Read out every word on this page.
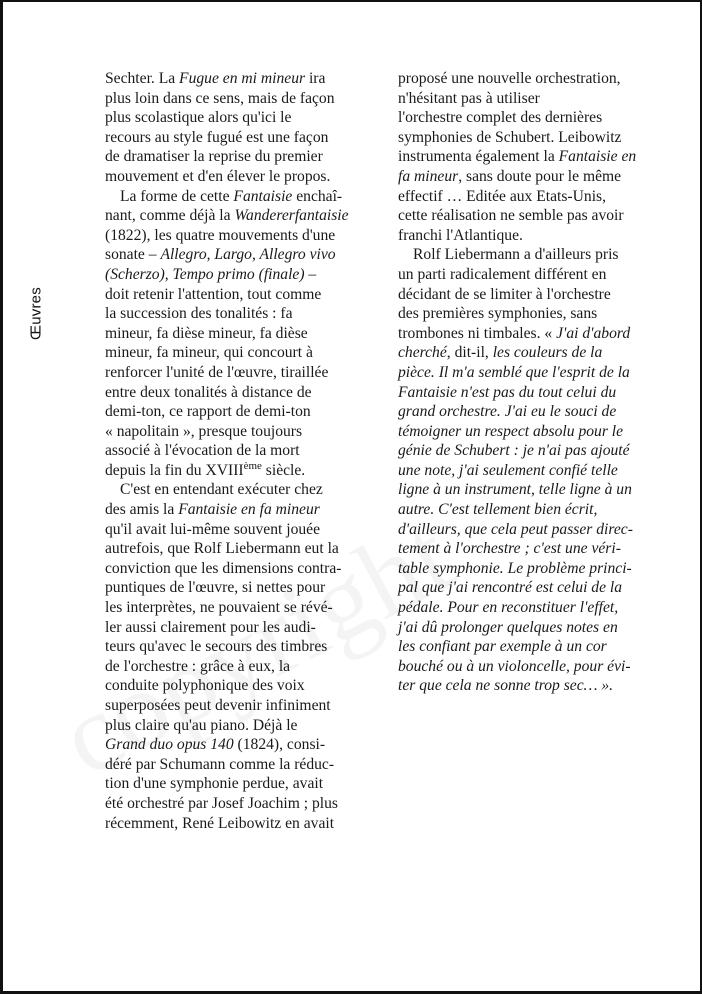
Œuvres
Sechter. La Fugue en mi mineur ira
plus loin dans ce sens, mais de façon
plus scolastique alors qu'ici le
recours au style fugué est une façon
de dramatiser la reprise du premier
mouvement et d'en élever le propos.
La forme de cette Fantaisie enchaî-
nant, comme déjà la Wandererfantaisie
(1822), les quatre mouvements d'une
sonate – Allegro, Largo, Allegro vivo
(Scherzo), Tempo primo (finale) –
doit retenir l'attention, tout comme
la succession des tonalités : fa
mineur, fa dièse mineur, fa dièse
mineur, fa mineur, qui concourt à
renforcer l'unité de l'œuvre, tiraillée
entre deux tonalités à distance de
demi-ton, ce rapport de demi-ton
« napolitain », presque toujours
associé à l'évocation de la mort
depuis la fin du XVIIIème siècle.
C'est en entendant exécuter chez
des amis la Fantaisie en fa mineur
qu'il avait lui-même souvent jouée
autrefois, que Rolf Liebermann eut la
conviction que les dimensions contra-
puntiques de l'œuvre, si nettes pour
les interprètes, ne pouvaient se révé-
ler aussi clairement pour les audi-
teurs qu'avec le secours des timbres
de l'orchestre : grâce à eux, la
conduite polyphonique des voix
superposées peut devenir infiniment
plus claire qu'au piano. Déjà le
Grand duo opus 140 (1824), consi-
déré par Schumann comme la réduc-
tion d'une symphonie perdue, avait
été orchestré par Josef Joachim ; plus
récemment, René Leibowitz en avait
proposé une nouvelle orchestration,
n'hésitant pas à utiliser
l'orchestre complet des dernières
symphonies de Schubert. Leibowitz
instrumenta également la Fantaisie en
fa mineur, sans doute pour le même
effectif … Editée aux Etats-Unis,
cette réalisation ne semble pas avoir
franchi l'Atlantique.
Rolf Liebermann a d'ailleurs pris
un parti radicalement différent en
décidant de se limiter à l'orchestre
des premières symphonies, sans
trombones ni timbales. « J'ai d'abord
cherché, dit-il, les couleurs de la
pièce. Il m'a semblé que l'esprit de la
Fantaisie n'est pas du tout celui du
grand orchestre. J'ai eu le souci de
témoigner un respect absolu pour le
génie de Schubert : je n'ai pas ajouté
une note, j'ai seulement confié telle
ligne à un instrument, telle ligne à un
autre. C'est tellement bien écrit,
d'ailleurs, que cela peut passer direc-
tement à l'orchestre ; c'est une véri-
table symphonie. Le problème princi-
pal que j'ai rencontré est celui de la
pédale. Pour en reconstituer l'effet,
j'ai dû prolonger quelques notes en
les confiant par exemple à un cor
bouché ou à un violoncelle, pour évi-
ter que cela ne sonne trop sec… ».
